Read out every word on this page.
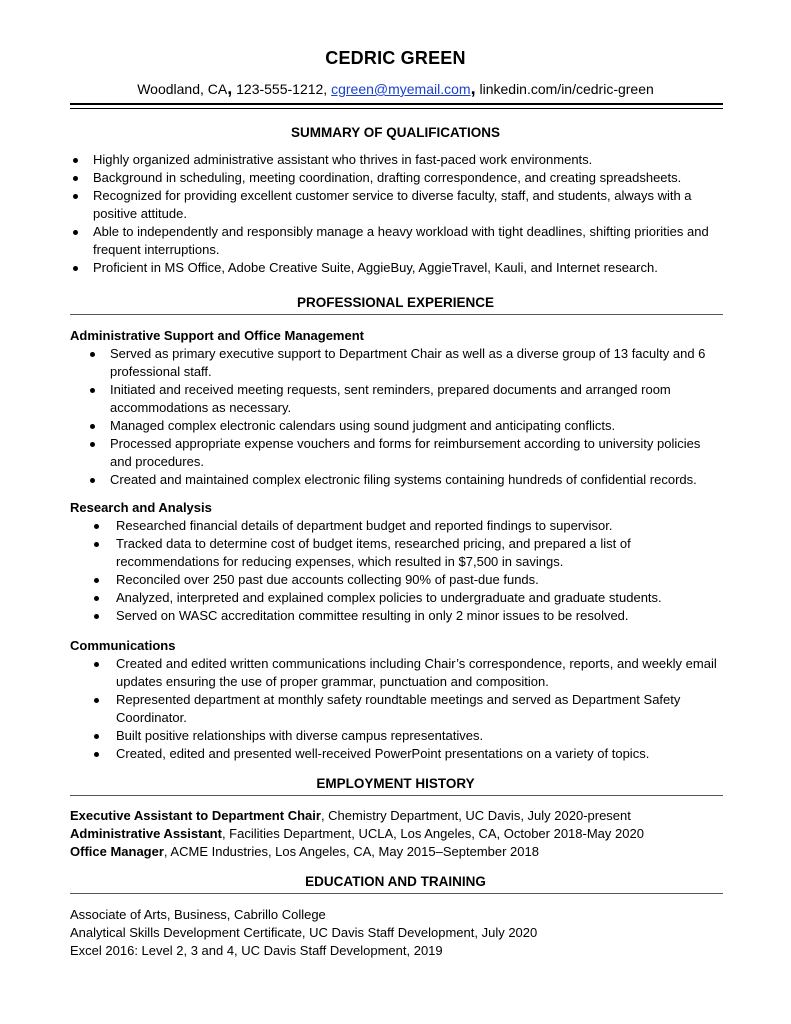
CEDRIC GREEN
Woodland, CA, 123-555-1212, cgreen@myemail.com, linkedin.com/in/cedric-green
SUMMARY OF QUALIFICATIONS
Highly organized administrative assistant who thrives in fast-paced work environments.
Background in scheduling, meeting coordination, drafting correspondence, and creating spreadsheets.
Recognized for providing excellent customer service to diverse faculty, staff, and students, always with a positive attitude.
Able to independently and responsibly manage a heavy workload with tight deadlines, shifting priorities and frequent interruptions.
Proficient in MS Office, Adobe Creative Suite, AggieBuy, AggieTravel, Kauli, and Internet research.
PROFESSIONAL EXPERIENCE
Administrative Support and Office Management
Served as primary executive support to Department Chair as well as a diverse group of 13 faculty and 6 professional staff.
Initiated and received meeting requests, sent reminders, prepared documents and arranged room accommodations as necessary.
Managed complex electronic calendars using sound judgment and anticipating conflicts.
Processed appropriate expense vouchers and forms for reimbursement according to university policies and procedures.
Created and maintained complex electronic filing systems containing hundreds of confidential records.
Research and Analysis
Researched financial details of department budget and reported findings to supervisor.
Tracked data to determine cost of budget items, researched pricing, and prepared a list of recommendations for reducing expenses, which resulted in $7,500 in savings.
Reconciled over 250 past due accounts collecting 90% of past-due funds.
Analyzed, interpreted and explained complex policies to undergraduate and graduate students.
Served on WASC accreditation committee resulting in only 2 minor issues to be resolved.
Communications
Created and edited written communications including Chair’s correspondence, reports, and weekly email updates ensuring the use of proper grammar, punctuation and composition.
Represented department at monthly safety roundtable meetings and served as Department Safety Coordinator.
Built positive relationships with diverse campus representatives.
Created, edited and presented well-received PowerPoint presentations on a variety of topics.
EMPLOYMENT HISTORY
Executive Assistant to Department Chair, Chemistry Department, UC Davis, July 2020-present
Administrative Assistant, Facilities Department, UCLA, Los Angeles, CA, October 2018-May 2020
Office Manager, ACME Industries, Los Angeles, CA, May 2015–September 2018
EDUCATION AND TRAINING
Associate of Arts, Business, Cabrillo College
Analytical Skills Development Certificate, UC Davis Staff Development, July 2020
Excel 2016: Level 2, 3 and 4, UC Davis Staff Development, 2019
